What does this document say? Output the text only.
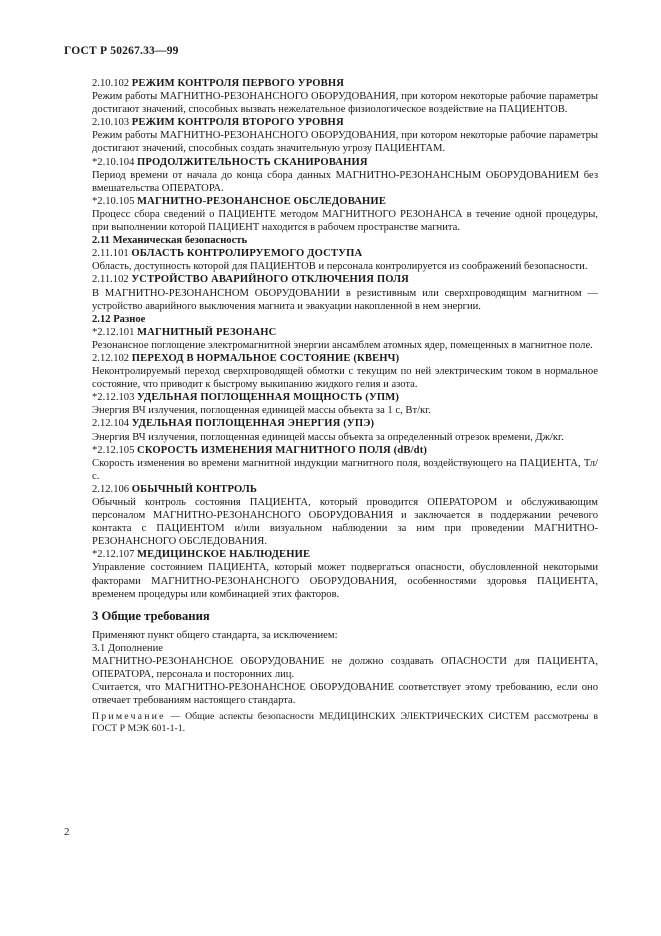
ГОСТ Р 50267.33—99

2.10.102 РЕЖИМ КОНТРОЛЯ ПЕРВОГО УРОВНЯ

Режим работы МАГНИТНО-РЕЗОНАНСНОГО ОБОРУДОВАНИЯ, при котором некоторые рабочие параметры достигают значений, способных вызвать нежелательное физиологическое воздействие на ПАЦИЕНТОВ.

2.10.103 РЕЖИМ КОНТРОЛЯ ВТОРОГО УРОВНЯ

Режим работы МАГНИТНО-РЕЗОНАНСНОГО ОБОРУДОВАНИЯ, при котором некоторые рабочие параметры достигают значений, способных создать значительную угрозу ПАЦИЕНТАМ.

*2.10.104 ПРОДОЛЖИТЕЛЬНОСТЬ СКАНИРОВАНИЯ

Период времени от начала до конца сбора данных МАГНИТНО-РЕЗОНАНСНЫМ ОБОРУДОВАНИЕМ без вмешательства ОПЕРАТОРА.

*2.10.105 МАГНИТНО-РЕЗОНАНСНОЕ ОБСЛЕДОВАНИЕ

Процесс сбора сведений о ПАЦИЕНТЕ методом МАГНИТНОГО РЕЗОНАНСА в течение одной процедуры, при выполнении которой ПАЦИЕНТ находится в рабочем пространстве магнита.

2.11 Механическая безопасность

2.11.101 ОБЛАСТЬ КОНТРОЛИРУЕМОГО ДОСТУПА

Область, доступность которой для ПАЦИЕНТОВ и персонала контролируется из соображений безопасности.

2.11.102 УСТРОЙСТВО АВАРИЙНОГО ОТКЛЮЧЕНИЯ ПОЛЯ

В МАГНИТНО-РЕЗОНАНСНОМ ОБОРУДОВАНИИ в резистивным или сверхпроводящим магнитном — устройство аварийного выключения магнита и эвакуации накопленной в нем энергии.

2.12 Разное

*2.12.101 МАГНИТНЫЙ РЕЗОНАНС

Резонансное поглощение электромагнитной энергии ансамблем атомных ядер, помещенных в магнитное поле.

2.12.102 ПЕРЕХОД В НОРМАЛЬНОЕ СОСТОЯНИЕ (КВЕНЧ)

Неконтролируемый переход сверхпроводящей обмотки с текущим по ней электрическим током в нормальное состояние, что приводит к быстрому выкипанию жидкого гелия и азота.

*2.12.103 УДЕЛЬНАЯ ПОГЛОЩЕННАЯ МОЩНОСТЬ (УПМ)

Энергия ВЧ излучения, поглощенная единицей массы объекта за 1 с, Вт/кг.

2.12.104 УДЕЛЬНАЯ ПОГЛОЩЕННАЯ ЭНЕРГИЯ (УПЭ)

Энергия ВЧ излучения, поглощенная единицей массы объекта за определенный отрезок времени, Дж/кг.

*2.12.105 СКОРОСТЬ ИЗМЕНЕНИЯ МАГНИТНОГО ПОЛЯ (dB/dt)

Скорость изменения во времени магнитной индукции магнитного поля, воздействующего на ПАЦИЕНТА, Тл/с.

2.12.106 ОБЫЧНЫЙ КОНТРОЛЬ

Обычный контроль состояния ПАЦИЕНТА, который проводится ОПЕРАТОРОМ и обслуживающим персоналом МАГНИТНО-РЕЗОНАНСНОГО ОБОРУДОВАНИЯ и заключается в поддержании речевого контакта с ПАЦИЕНТОМ и/или визуальном наблюдении за ним при проведении МАГНИТНО-РЕЗОНАНСНОГО ОБСЛЕДОВАНИЯ.

*2.12.107 МЕДИЦИНСКОЕ НАБЛЮДЕНИЕ

Управление состоянием ПАЦИЕНТА, который может подвергаться опасности, обусловленной некоторыми факторами МАГНИТНО-РЕЗОНАНСНОГО ОБОРУДОВАНИЯ, особенностями здоровья ПАЦИЕНТА, временем процедуры или комбинацией этих факторов.

3 Общие требования

Применяют пункт общего стандарта, за исключением:

3.1 Дополнение

МАГНИТНО-РЕЗОНАНСНОЕ ОБОРУДОВАНИЕ не должно создавать ОПАСНОСТИ для ПАЦИЕНТА, ОПЕРАТОРА, персонала и посторонних лиц.

Считается, что МАГНИТНО-РЕЗОНАНСНОЕ ОБОРУДОВАНИЕ соответствует этому требованию, если оно отвечает требованиям настоящего стандарта.

Примечание — Общие аспекты безопасности МЕДИЦИНСКИХ ЭЛЕКТРИЧЕСКИХ СИСТЕМ рассмотрены в ГОСТ Р МЭК 601-1-1.

2
